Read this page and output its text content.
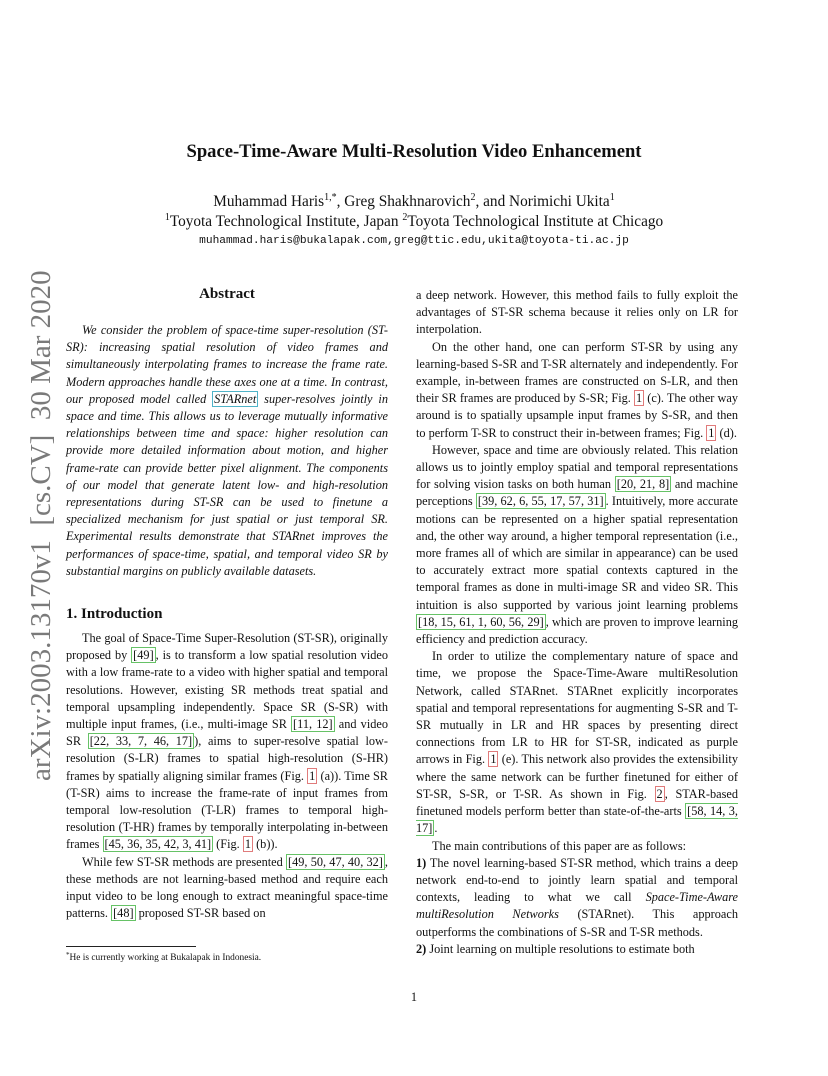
arXiv:2003.13170v1  [cs.CV]  30 Mar 2020
Space-Time-Aware Multi-Resolution Video Enhancement
Muhammad Haris$^{1,*}$, Greg Shakhnarovich$^2$, and Norimichi Ukita$^1$
$^1$Toyota Technological Institute, Japan $^2$Toyota Technological Institute at Chicago
muhammad.haris@bukalapak.com,greg@ttic.edu,ukita@toyota-ti.ac.jp
Abstract

We consider the problem of space-time super-resolution (ST-SR): increasing spatial resolution of video frames and simultaneously interpolating frames to increase the frame rate. Modern approaches handle these axes one at a time. In contrast, our proposed model called STARnet super-resolves jointly in space and time. This allows us to leverage mutually informative relationships between time and space: higher resolution can provide more detailed information about motion, and higher frame-rate can provide better pixel alignment. The components of our model that generate latent low- and high-resolution representations during ST-SR can be used to finetune a specialized mechanism for just spatial or just temporal SR. Experimental results demonstrate that STARnet improves the performances of space-time, spatial, and temporal video SR by substantial margins on publicly available datasets.

1. Introduction

The goal of Space-Time Super-Resolution (ST-SR), originally proposed by [49] , is to transform a low spatial resolution video with a low frame-rate to a video with higher spatial and temporal resolutions. However, existing SR methods treat spatial and temporal upsampling independently. Space SR (S-SR) with multiple input frames, (i.e., multi-image SR [11, 12] and video SR [22, 33, 7, 46, 17] ), aims to super-resolve spatial low-resolution (S-LR) frames to spatial high-resolution (S-HR) frames by spatially aligning similar frames (Fig. 1 (a)). Time SR (T-SR) aims to increase the frame-rate of input frames from temporal low-resolution (T-LR) frames to temporal high-resolution (T-HR) frames by temporally interpolating in-between frames [45, 36, 35, 42, 3, 41] (Fig. 1 (b)).

While few ST-SR methods are presented [49, 50, 47, 40, 32] , these methods are not learning-based method and require each input video to be long enough to extract meaningful space-time patterns. [48] proposed ST-SR based on

a deep network. However, this method fails to fully exploit the advantages of ST-SR schema because it relies only on LR for interpolation.

On the other hand, one can perform ST-SR by using any learning-based S-SR and T-SR alternately and independently. For example, in-between frames are constructed on S-LR, and then their SR frames are produced by S-SR; Fig. 1 (c). The other way around is to spatially upsample input frames by S-SR, and then to perform T-SR to construct their in-between frames; Fig. 1 (d).

However, space and time are obviously related. This relation allows us to jointly employ spatial and temporal representations for solving vision tasks on both human [20, 21, 8] and machine perceptions [39, 62, 6, 55, 17, 57, 31] . Intuitively, more accurate motions can be represented on a higher spatial representation and, the other way around, a higher temporal representation (i.e., more frames all of which are similar in appearance) can be used to accurately extract more spatial contexts captured in the temporal frames as done in multi-image SR and video SR. This intuition is also supported by various joint learning problems [18, 15, 61, 1, 60, 56, 29] , which are proven to improve learning efficiency and prediction accuracy.

In order to utilize the complementary nature of space and time, we propose the Space-Time-Aware multiResolution Network, called STARnet. STARnet explicitly incorporates spatial and temporal representations for augmenting S-SR and T-SR mutually in LR and HR spaces by presenting direct connections from LR to HR for ST-SR, indicated as purple arrows in Fig. 1 (e). This network also provides the extensibility where the same network can be further finetuned for either of ST-SR, S-SR, or T-SR. As shown in Fig. 2 , STAR-based finetuned models perform better than state-of-the-arts [58, 14, 3, 17] .

The main contributions of this paper are as follows:

1) The novel learning-based ST-SR method, which trains a deep network end-to-end to jointly learn spatial and temporal contexts, leading to what we call Space-Time-Aware multiResolution Networks (STARnet). This approach outperforms the combinations of S-SR and T-SR methods.

2) Joint learning on multiple resolutions to estimate both

*He is currently working at Bukalapak in Indonesia.
1
